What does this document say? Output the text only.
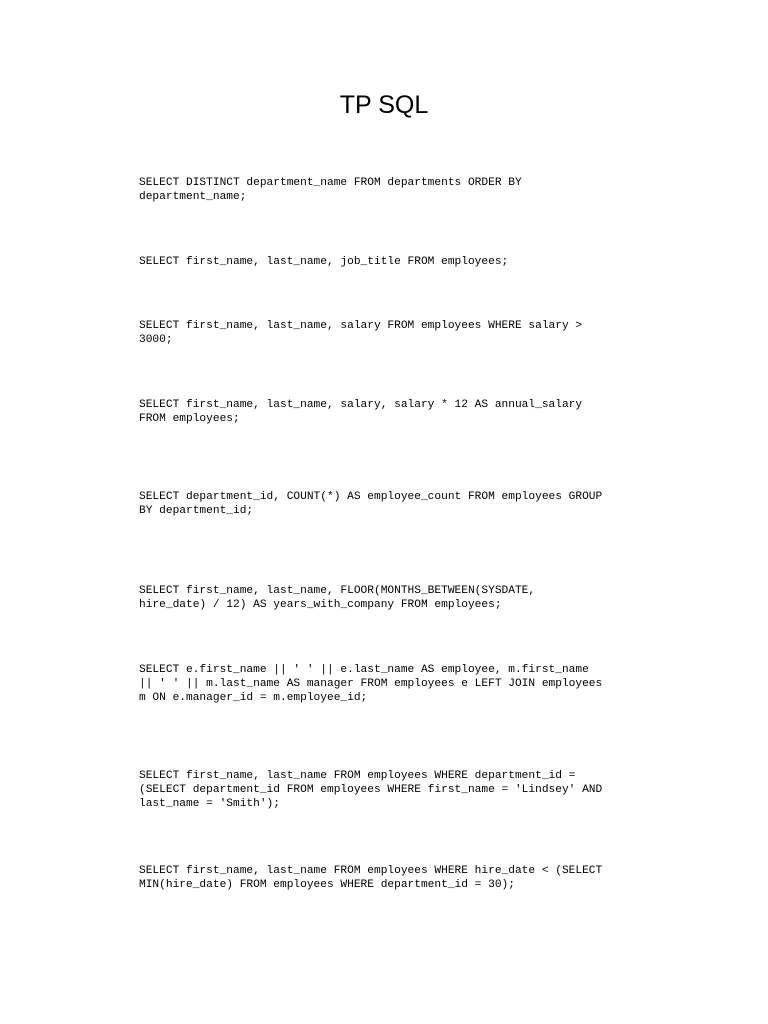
TP SQL
SELECT DISTINCT department_name FROM departments ORDER BY
department_name;
SELECT first_name, last_name, job_title FROM employees;
SELECT first_name, last_name, salary FROM employees WHERE salary >
3000;
SELECT first_name, last_name, salary, salary * 12 AS annual_salary
FROM employees;
SELECT department_id, COUNT(*) AS employee_count FROM employees GROUP
BY department_id;
SELECT first_name, last_name, FLOOR(MONTHS_BETWEEN(SYSDATE,
hire_date) / 12) AS years_with_company FROM employees;
SELECT e.first_name || ' ' || e.last_name AS employee, m.first_name
|| ' ' || m.last_name AS manager FROM employees e LEFT JOIN employees
m ON e.manager_id = m.employee_id;
SELECT first_name, last_name FROM employees WHERE department_id =
(SELECT department_id FROM employees WHERE first_name = 'Lindsey' AND
last_name = 'Smith');
SELECT first_name, last_name FROM employees WHERE hire_date < (SELECT
MIN(hire_date) FROM employees WHERE department_id = 30);
